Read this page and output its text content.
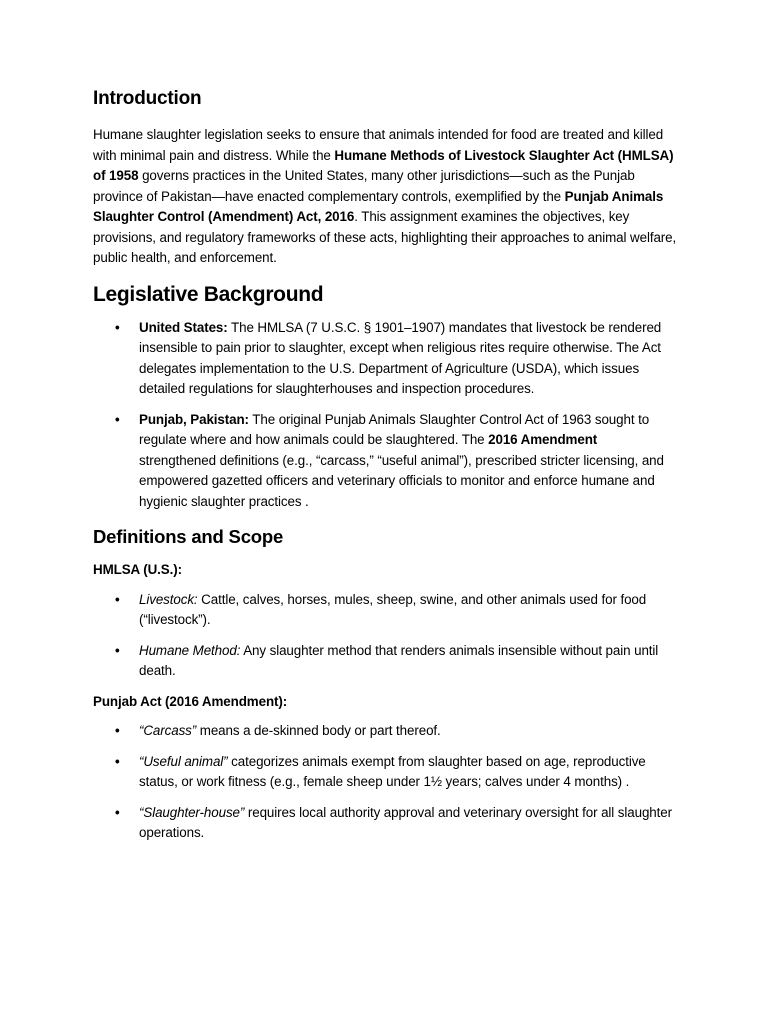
Introduction

Humane slaughter legislation seeks to ensure that animals intended for food are treated and killed with minimal pain and distress. While the Humane Methods of Livestock Slaughter Act (HMLSA) of 1958 governs practices in the United States, many other jurisdictions—such as the Punjab province of Pakistan—have enacted complementary controls, exemplified by the Punjab Animals Slaughter Control (Amendment) Act, 2016. This assignment examines the objectives, key provisions, and regulatory frameworks of these acts, highlighting their approaches to animal welfare, public health, and enforcement.

Legislative Background
• United States: The HMLSA (7 U.S.C. § 1901–1907) mandates that livestock be rendered insensible to pain prior to slaughter, except when religious rites require otherwise. The Act delegates implementation to the U.S. Department of Agriculture (USDA), which issues detailed regulations for slaughterhouses and inspection procedures.
• Punjab, Pakistan: The original Punjab Animals Slaughter Control Act of 1963 sought to regulate where and how animals could be slaughtered. The 2016 Amendment strengthened definitions (e.g., “carcass,” “useful animal”), prescribed stricter licensing, and empowered gazetted officers and veterinary officials to monitor and enforce humane and hygienic slaughter practices .
Definitions and Scope

HMLSA (U.S.):

• Livestock: Cattle, calves, horses, mules, sheep, swine, and other animals used for food (“livestock”).
• Humane Method: Any slaughter method that renders animals insensible without pain until death.

Punjab Act (2016 Amendment):

• “Carcass” means a de-skinned body or part thereof.
• “Useful animal” categorizes animals exempt from slaughter based on age, reproductive status, or work fitness (e.g., female sheep under 1½ years; calves under 4 months) .
• “Slaughter-house” requires local authority approval and veterinary oversight for all slaughter operations.
